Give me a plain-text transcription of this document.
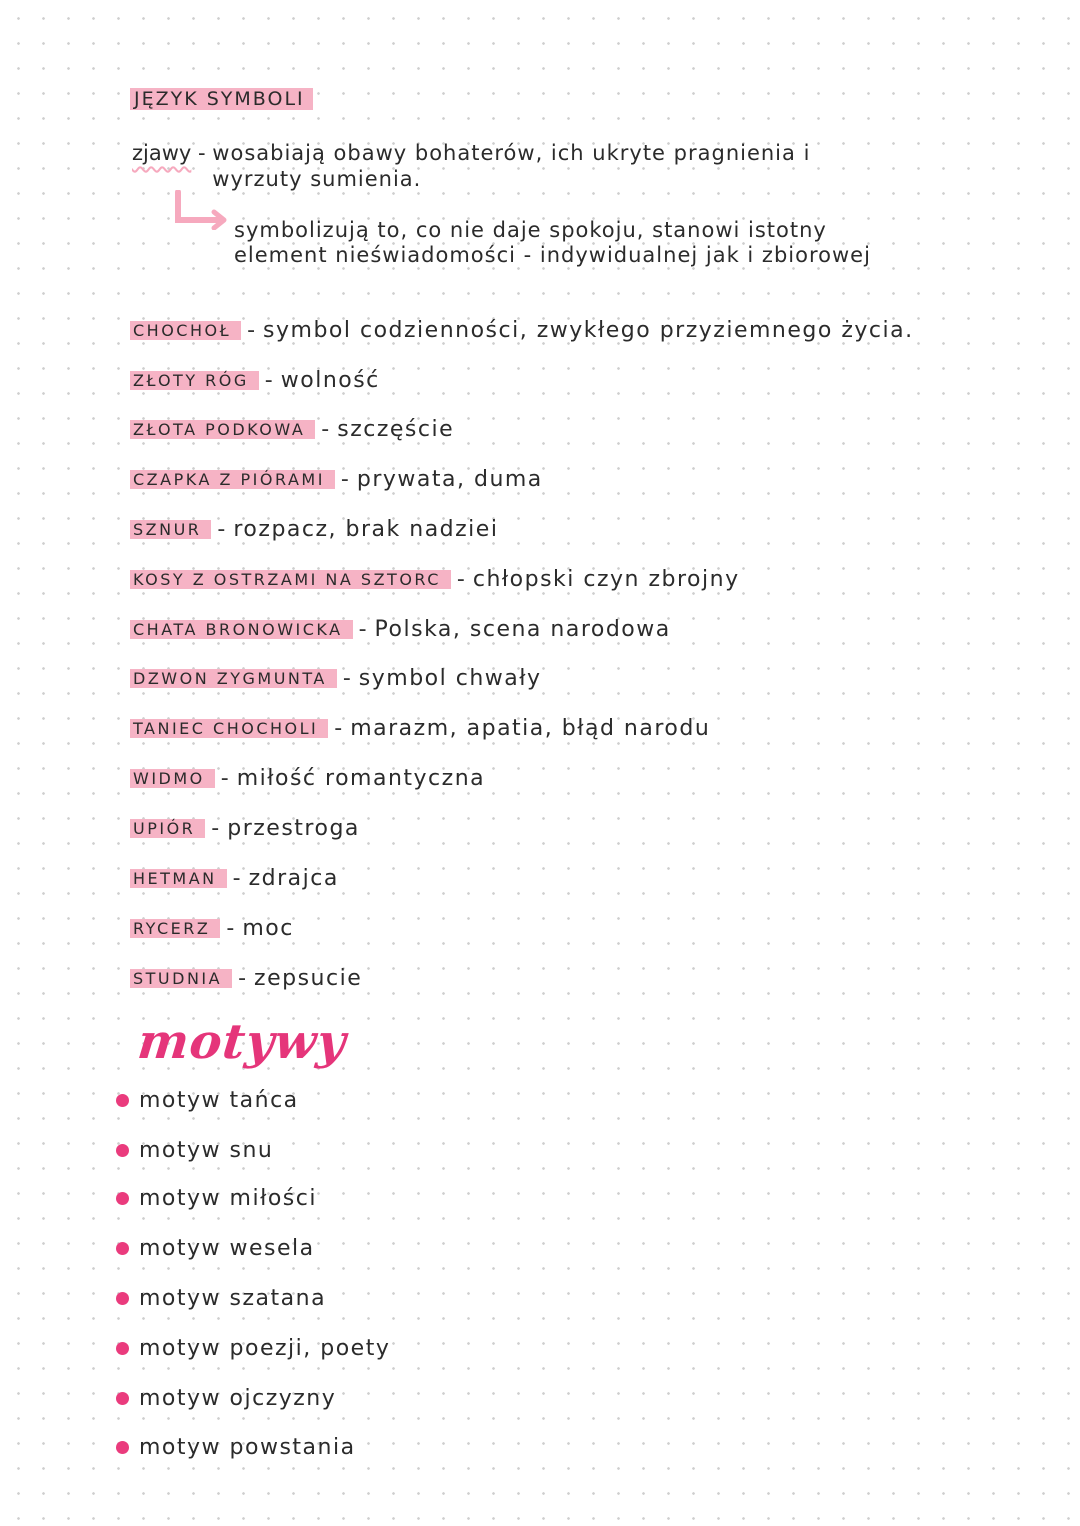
JĘZYK SYMBOLI
zjawy - wosabiają obawy bohaterów, ich ukryte pragnienia i wyrzuty sumienia.
symbolizują to, co nie daje spokoju, stanowi istotny element nieświadomości - indywidualnej jak i zbiorowej
CHOCHOŁ - symbol codzienności, zwykłego przyziemnego życia.
ZŁOTY RÓG - wolność
ZŁOTA PODKOWA - szczęście
CZAPKA Z PIÓRAMI - prywata, duma
SZNUR - rozpacz, brak nadziei
KOSY Z OSTRZAMI NA SZTORC - chłopski czyn zbrojny
CHATA BRONOWICKA - Polska, scena narodowa
DZWON ZYGMUNTA - symbol chwały
TANIEC CHOCHOLI - marazm, apatia, błąd narodu
WIDMO - miłość romantyczna
UPIÓR - przestroga
HETMAN - zdrajca
RYCERZ - moc
STUDNIA - zepsucie
motywy
motyw tańca
motyw snu
motyw miłości
motyw wesela
motyw szatana
motyw poezji, poety
motyw ojczyzny
motyw powstania
